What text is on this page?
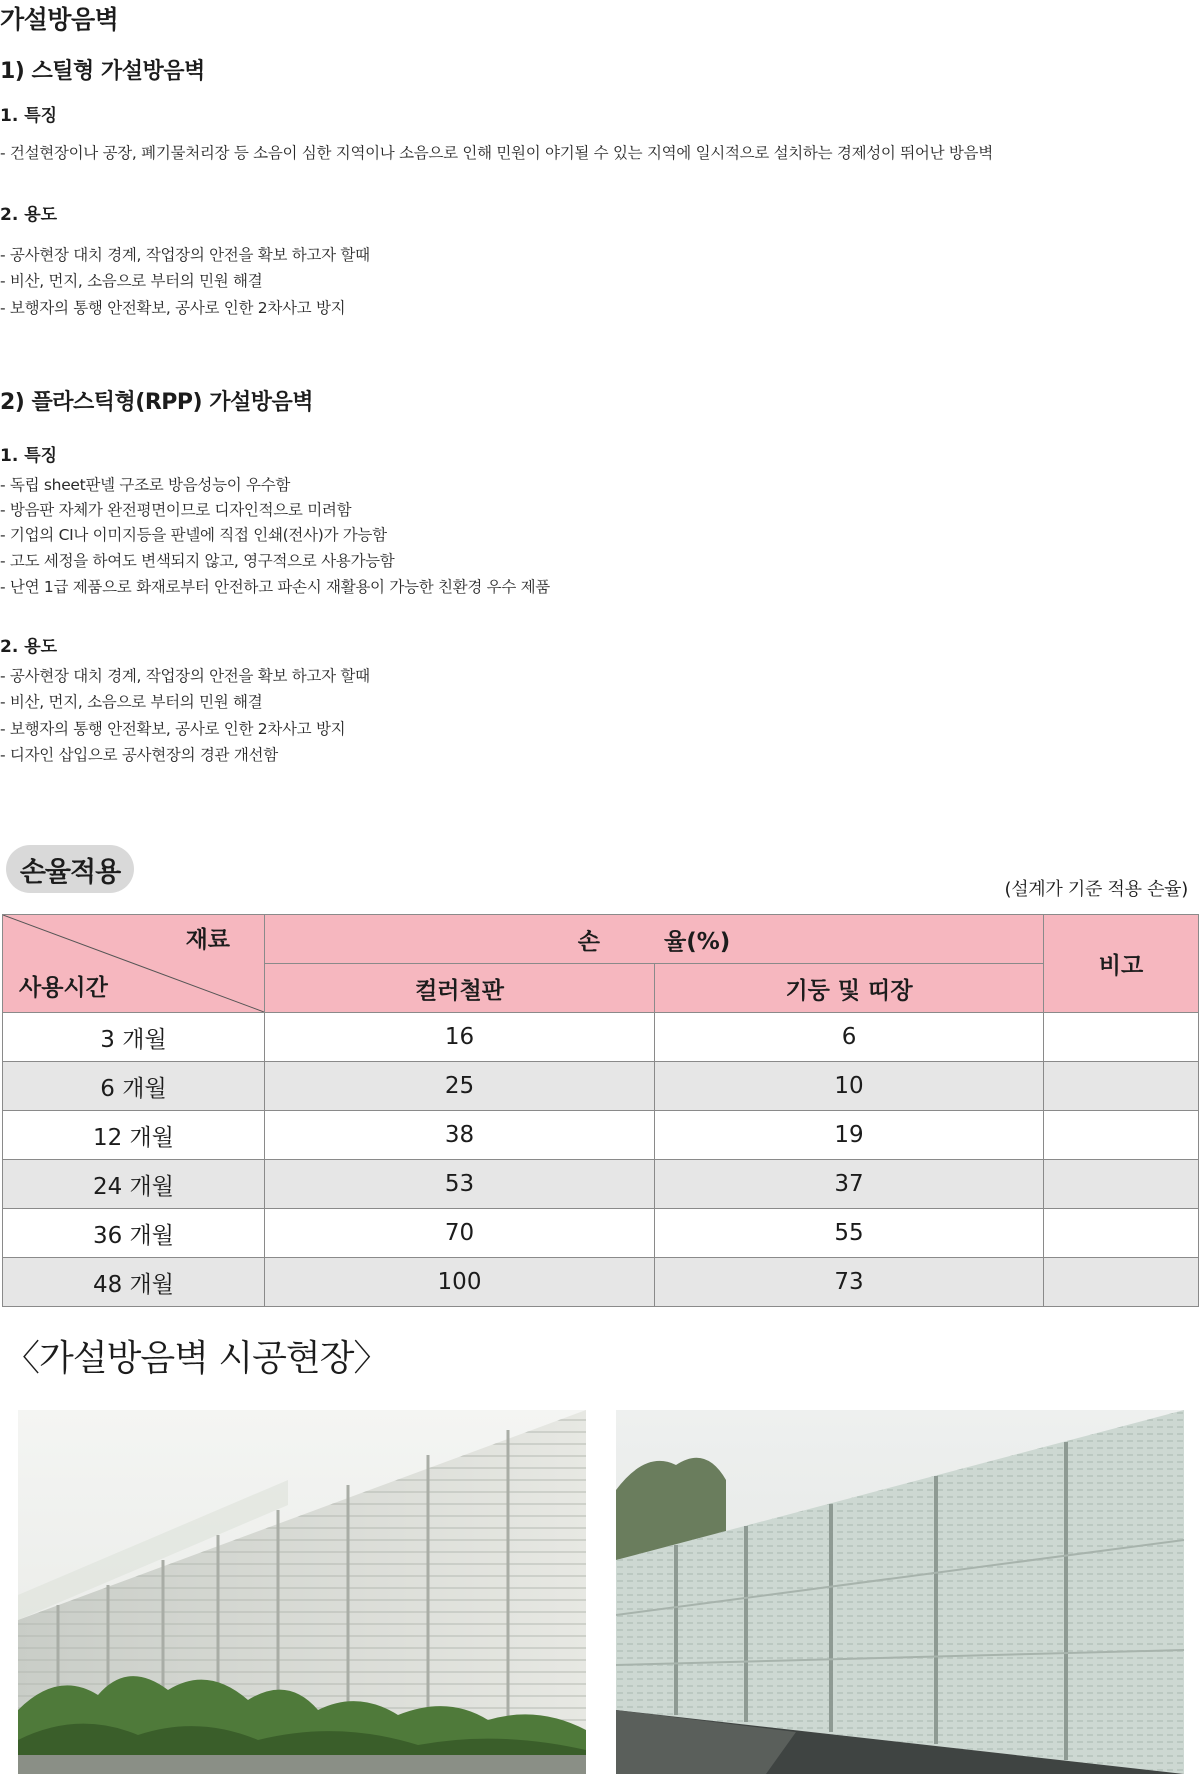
가설방음벽
1) 스틸형 가설방음벽
1. 특징
- 건설현장이나 공장, 폐기물처리장 등 소음이 심한 지역이나 소음으로 인해 민원이 야기될 수 있는 지역에 일시적으로 설치하는 경제성이 뛰어난 방음벽
2. 용도
- 공사현장 대치 경계, 작업장의 안전을 확보 하고자 할때
- 비산, 먼지, 소음으로 부터의 민원 해결
- 보행자의 통행 안전확보, 공사로 인한 2차사고 방지
2) 플라스틱형(RPP) 가설방음벽
1. 특징
- 독립 sheet판넬 구조로 방음성능이 우수함
- 방음판 자체가 완전평면이므로 디자인적으로 미려함
- 기업의 CI나 이미지등을 판넬에 직접 인쇄(전사)가 가능함
- 고도 세정을 하여도 변색되지 않고, 영구적으로 사용가능함
- 난연 1급 제품으로 화재로부터 안전하고 파손시 재활용이 가능한 친환경 우수 제품
2. 용도
- 공사현장 대치 경계, 작업장의 안전을 확보 하고자 할때
- 비산, 먼지, 소음으로 부터의 민원 해결
- 보행자의 통행 안전확보, 공사로 인한 2차사고 방지
- 디자인 삽입으로 공사현장의 경관 개선함
손율적용
(설계가 기준 적용 손율)
재료
사용시간	손        율(%)		비고
	컬러철판	기둥 및 띠장	
3 개월	16	6	
6 개월	25	10	
12 개월	38	19	
24 개월	53	37	
36 개월	70	55	
48 개월	100	73	
〈가설방음벽 시공현장〉
